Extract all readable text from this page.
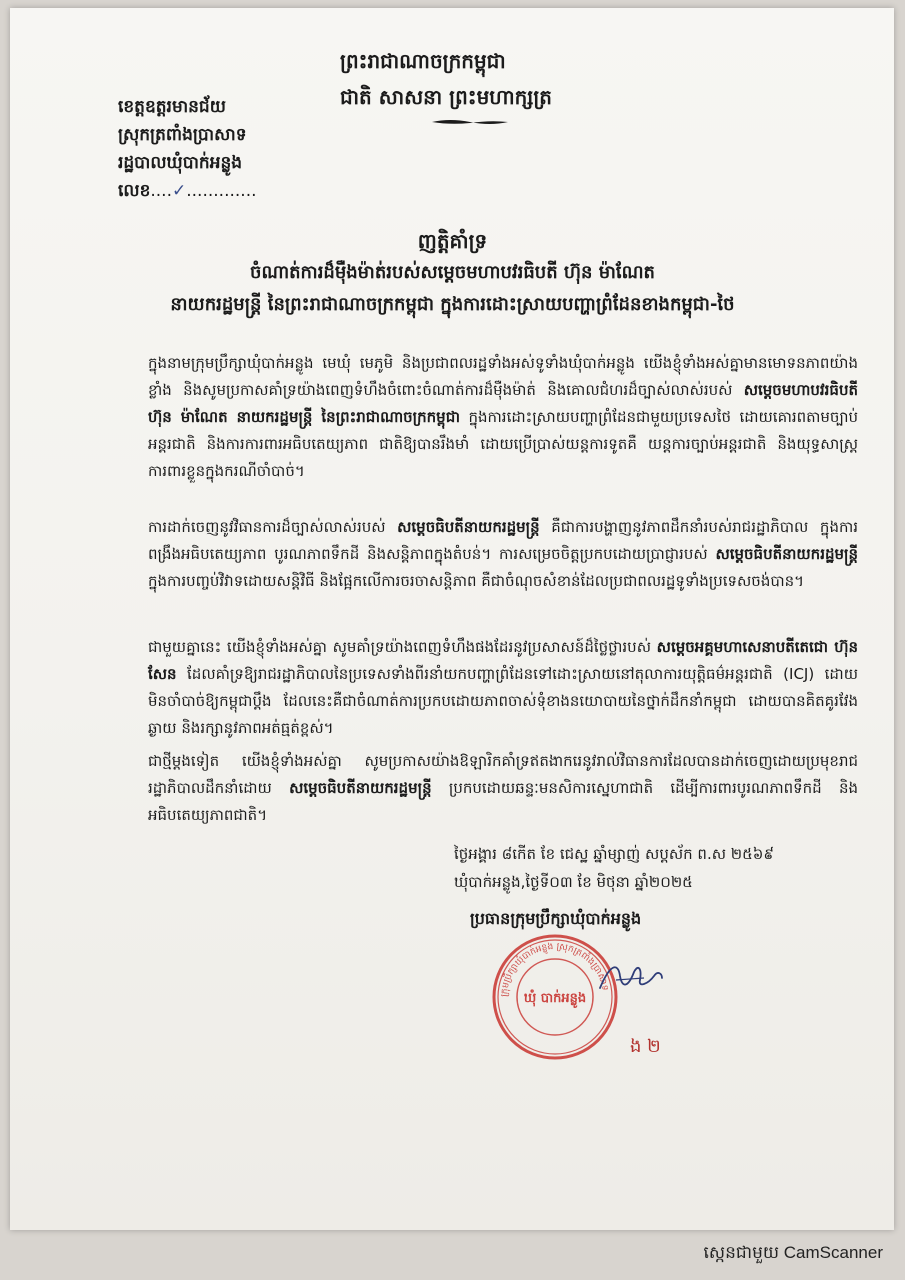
ព្រះរាជាណាចក្រកម្ពុជា
ជាតិ សាសនា ព្រះមហាក្សត្រ
ខេត្តឧត្តរមានជ័យ
ស្រុកត្រពាំងប្រាសាទ
រដ្ឋបាលឃុំបាក់អន្លូង
លេខ....✓.............
ញត្តិគាំទ្រ
ចំណាត់ការដ៏ម៉ឺងម៉ាត់របស់សម្តេចមហាបវរធិបតី ហ៊ុន ម៉ាណែត
នាយករដ្ឋមន្ត្រី នៃព្រះរាជាណាចក្រកម្ពុជា ក្នុងការដោះស្រាយបញ្ហាព្រំដែនខាងកម្ពុជា-ថៃ
ក្នុងនាមក្រុមប្រឹក្សាឃុំបាក់អន្លូង មេឃុំ មេភូមិ និងប្រជាពលរដ្ឋទាំងអស់ទូទាំងឃុំបាក់អន្លូង យើងខ្ញុំទាំងអស់គ្នាមានមោទនភាពយ៉ាងខ្លាំង និងសូមប្រកាសគាំទ្រយ៉ាងពេញទំហឹងចំពោះចំណាត់ការដ៏ម៉ឺងម៉ាត់ និងគោលជំហរដ៏ច្បាស់លាស់របស់ សម្តេចមហាបវរធិបតី ហ៊ុន ម៉ាណែត នាយករដ្ឋមន្ត្រី នៃព្រះរាជាណាចក្រកម្ពុជា ក្នុងការដោះស្រាយបញ្ហាព្រំដែនជាមួយប្រទេសថៃ ដោយគោរពតាមច្បាប់អន្តរជាតិ និងការការពារអធិបតេយ្យភាព ជាតិឱ្យបានរឹងមាំ ដោយប្រើប្រាស់យន្តការទូតគឺ យន្តការច្បាប់អន្តរជាតិ និងយុទ្ធសាស្ត្រការពារខ្លួនក្នុងករណីចាំបាច់។
ការដាក់ចេញនូវវិធានការដ៏ច្បាស់លាស់របស់ សម្តេចធិបតីនាយករដ្ឋមន្ត្រី គឺជាការបង្ហាញនូវភាពដឹកនាំរបស់រាជរដ្ឋាភិបាល ក្នុងការពង្រឹងអធិបតេយ្យភាព បូរណភាពទឹកដី និងសន្តិភាពក្នុងតំបន់។ ការសម្រេចចិត្តប្រកបដោយប្រាជ្ញារបស់ សម្តេចធិបតីនាយករដ្ឋមន្ត្រី ក្នុងការបញ្ចប់វិវាទដោយសន្តិវិធី និងផ្អែកលើការចរចាសន្តិភាព គឺជាចំណុចសំខាន់ដែលប្រជាពលរដ្ឋទូទាំងប្រទេសចង់បាន។
ជាមួយគ្នានេះ យើងខ្ញុំទាំងអស់គ្នា សូមគាំទ្រយ៉ាងពេញទំហឹងផងដែរនូវប្រសាសន៍ដ៏ថ្លៃថ្លារបស់ សម្តេចអគ្គមហាសេនាបតីតេជោ ហ៊ុន សែន ដែលគាំទ្រឱ្យរាជរដ្ឋាភិបាលនៃប្រទេសទាំងពីរនាំយកបញ្ហាព្រំដែនទៅដោះស្រាយនៅតុលាការយុត្តិធម៌អន្តរជាតិ (ICJ) ដោយមិនចាំបាច់ឱ្យកម្ពុជាប្តឹង ដែលនេះគឺជាចំណាត់ការប្រកបដោយភាពចាស់ទុំខាងនយោបាយនៃថ្នាក់ដឹកនាំកម្ពុជា ដោយបានគិតគូរវែងឆ្ងាយ និងរក្សានូវភាពអត់ធ្មត់ខ្ពស់។
ជាថ្មីម្តងទៀត យើងខ្ញុំទាំងអស់គ្នា សូមប្រកាសយ៉ាងឱឡារិកគាំទ្រឥតងាករេនូវរាល់វិធានការដែលបានដាក់ចេញដោយប្រមុខរាជរដ្ឋាភិបាលដឹកនាំដោយ សម្តេចធិបតីនាយករដ្ឋមន្ត្រី ប្រកបដោយឆន្ទៈមនសិការស្នេហាជាតិ ដើម្បីការពារបូរណភាពទឹកដី និងអធិបតេយ្យភាពជាតិ។
ថ្ងៃអង្គារ ៨កើត ខែ ជេស្ឋ ឆ្នាំម្សាញ់ សប្តស័ក ព.ស ២៥៦៩
ឃុំបាក់អន្លូង,ថ្ងៃទី០៣ ខែ មិថុនា ឆ្នាំ២០២៥
ប្រធានក្រុមប្រឹក្សាឃុំបាក់អន្លូង
ក្រុមប្រឹក្សាឃុំបាក់អន្លូង ស្រុកត្រពាំងប្រាសាទ
ឃុំ បាក់អន្លូង
ង ២
ស្កេនជាមួយ CamScanner
